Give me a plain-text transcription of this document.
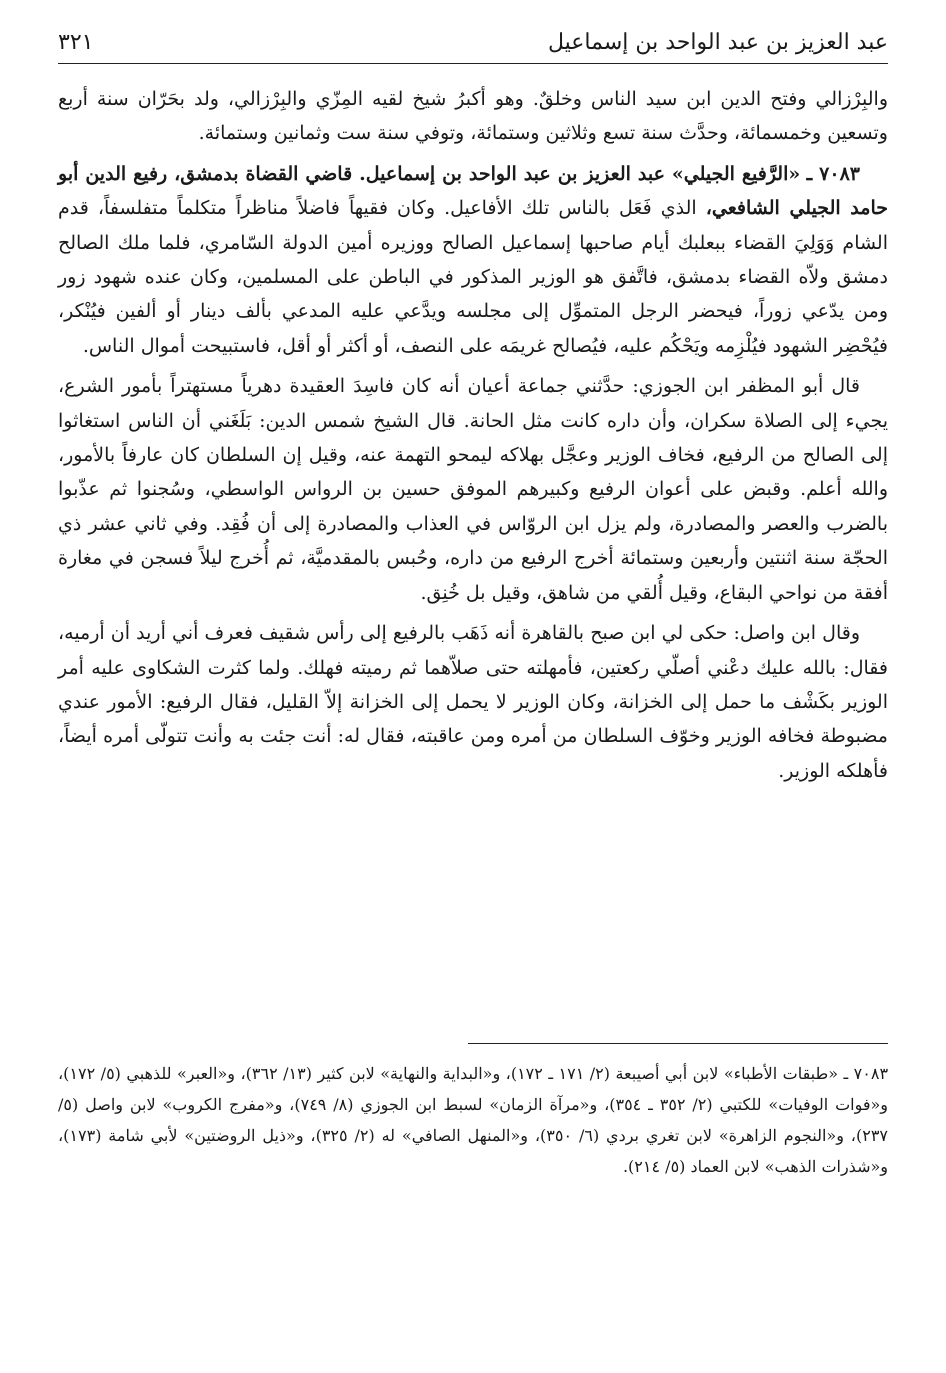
عبد العزيز بن عبد الواحد بن إسماعيل
٣٢١

والبِرْزالي وفتح الدين ابن سيد الناس وخلقٌ. وهو أكبرُ شيخ لقيه المِزّي والبِرْزالي، ولد بحَرّان سنة أربع وتسعين وخمسمائة، وحدَّث سنة تسع وثلاثين وستمائة، وتوفي سنة ست وثمانين وستمائة.

٧٠٨٣ ـ «الرَّفيع الجيلي» عبد العزيز بن عبد الواحد بن إسماعيل. قاضي القضاة بدمشق، رفيع الدين أبو حامد الجيلي الشافعي، الذي فَعَل بالناس تلك الأفاعيل. وكان فقيهاً فاضلاً مناظراً متكلماً متفلسفاً، قدم الشام وَوَلِيَ القضاء ببعلبك أيام صاحبها إسماعيل الصالح ووزيره أمين الدولة السّامري، فلما ملك الصالح دمشق ولاّه القضاء بدمشق، فاتَّفق هو الوزير المذكور في الباطن على المسلمين، وكان عنده شهود زور ومن يدّعي زوراً، فيحضر الرجل المتموِّل إلى مجلسه ويدَّعي عليه المدعي بألف دينار أو ألفين فيُنْكر، فيُحْضِر الشهود فيُلْزِمه ويَحْكُم عليه، فيُصالح غريمَه على النصف، أو أكثر أو أقل، فاستبيحت أموال الناس.

قال أبو المظفر ابن الجوزي: حدَّثني جماعة أعيان أنه كان فاسِدَ العقيدة دهرياً مستهتراً بأمور الشرع، يجيء إلى الصلاة سكران، وأن داره كانت مثل الحانة. قال الشيخ شمس الدين: بَلَغَني أن الناس استغاثوا إلى الصالح من الرفيع، فخاف الوزير وعجَّل بهلاكه ليمحو التهمة عنه، وقيل إن السلطان كان عارفاً بالأمور، والله أعلم. وقبض على أعوان الرفيع وكبيرهم الموفق حسين بن الرواس الواسطي، وسُجنوا ثم عذّبوا بالضرب والعصر والمصادرة، ولم يزل ابن الروّاس في العذاب والمصادرة إلى أن فُقِد. وفي ثاني عشر ذي الحجّة سنة اثنتين وأربعين وستمائة أخرج الرفيع من داره، وحُبس بالمقدميَّة، ثم أُخرج ليلاً فسجن في مغارة أفقة من نواحي البقاع، وقيل أُلقي من شاهق، وقيل بل خُنِق.

وقال ابن واصل: حكى لي ابن صبح بالقاهرة أنه ذَهَب بالرفيع إلى رأس شقيف فعرف أني أريد أن أرميه، فقال: بالله عليك دعْني أصلّي ركعتين، فأمهلته حتى صلاّهما ثم رميته فهلك. ولما كثرت الشكاوى عليه أمر الوزير بكَشْف ما حمل إلى الخزانة، وكان الوزير لا يحمل إلى الخزانة إلاّ القليل، فقال الرفيع: الأمور عندي مضبوطة فخافه الوزير وخوّف السلطان من أمره ومن عاقبته، فقال له: أنت جئت به وأنت تتولّى أمره أيضاً، فأهلكه الوزير.

٧٠٨٣ ـ «طبقات الأطباء» لابن أبي أصيبعة (٢/ ١٧١ ـ ١٧٢)، و«البداية والنهاية» لابن كثير (١٣/ ٣٦٢)، و«العبر» للذهبي (٥/ ١٧٢)، و«فوات الوفيات» للكتبي (٢/ ٣٥٢ ـ ٣٥٤)، و«مرآة الزمان» لسبط ابن الجوزي (٨/ ٧٤٩)، و«مفرج الكروب» لابن واصل (٥/ ٢٣٧)، و«النجوم الزاهرة» لابن تغري بردي (٦/ ٣٥٠)، و«المنهل الصافي» له (٢/ ٣٢٥)، و«ذيل الروضتين» لأبي شامة (١٧٣)، و«شذرات الذهب» لابن العماد (٥/ ٢١٤).
